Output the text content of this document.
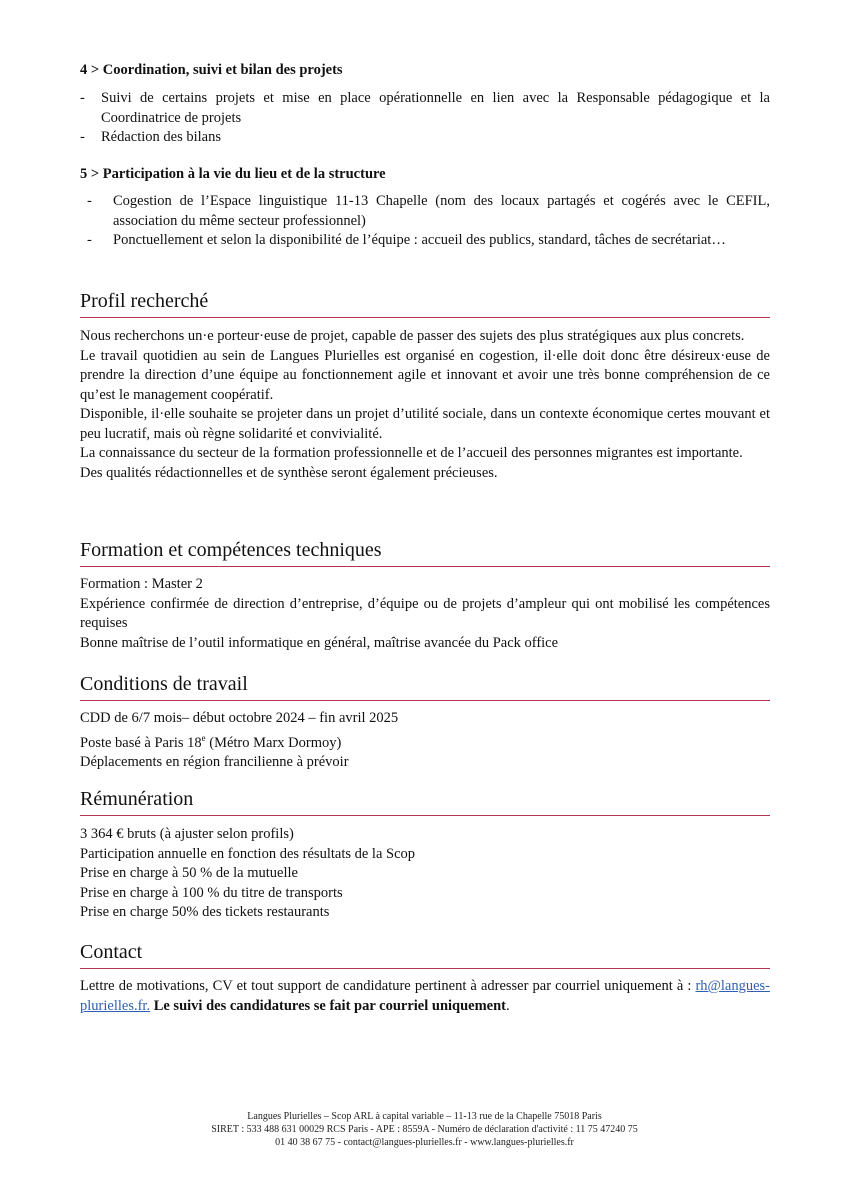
4 > Coordination, suivi et bilan des projets
- Suivi de certains projets et mise en place opérationnelle en lien avec la Responsable pédagogique et la Coordinatrice de projets
- Rédaction des bilans
5 > Participation à la vie du lieu et de la structure
- Cogestion de l’Espace linguistique 11-13 Chapelle (nom des locaux partagés et cogérés avec le CEFIL, association du même secteur professionnel)
- Ponctuellement et selon la disponibilité de l’équipe : accueil des publics, standard, tâches de secrétariat…
Profil recherché

Nous recherchons un·e porteur·euse de projet, capable de passer des sujets des plus stratégiques aux plus concrets.

Le travail quotidien au sein de Langues Plurielles est organisé en cogestion, il·elle doit donc être désireux·euse de prendre la direction d’une équipe au fonctionnement agile et innovant et avoir une très bonne compréhension de ce qu’est le management coopératif.

Disponible, il·elle souhaite se projeter dans un projet d’utilité sociale, dans un contexte économique certes mouvant et peu lucratif, mais où règne solidarité et convivialité.

La connaissance du secteur de la formation professionnelle et de l’accueil des personnes migrantes est importante.

Des qualités rédactionnelles et de synthèse seront également précieuses.

Formation et compétences techniques

Formation : Master 2

Expérience confirmée de direction d’entreprise, d’équipe ou de projets d’ampleur qui ont mobilisé les compétences requises

Bonne maîtrise de l’outil informatique en général, maîtrise avancée du Pack office

Conditions de travail

CDD de 6/7 mois– début octobre 2024 – fin avril 2025

Poste basé à Paris 18e (Métro Marx Dormoy)

Déplacements en région francilienne à prévoir

Rémunération

3 364 € bruts (à ajuster selon profils)

Participation annuelle en fonction des résultats de la Scop

Prise en charge à 50 % de la mutuelle

Prise en charge à 100 % du titre de transports

Prise en charge 50% des tickets restaurants

Contact

Lettre de motivations, CV et tout support de candidature pertinent à adresser par courriel uniquement à : rh@langues-plurielles.fr. Le suivi des candidatures se fait par courriel uniquement.

Langues Plurielles – Scop ARL à capital variable – 11-13 rue de la Chapelle 75018 Paris
SIRET : 533 488 631 00029 RCS Paris - APE : 8559A - Numéro de déclaration d'activité : 11 75 47240 75
01 40 38 67 75 - contact@langues-plurielles.fr - www.langues-plurielles.fr
